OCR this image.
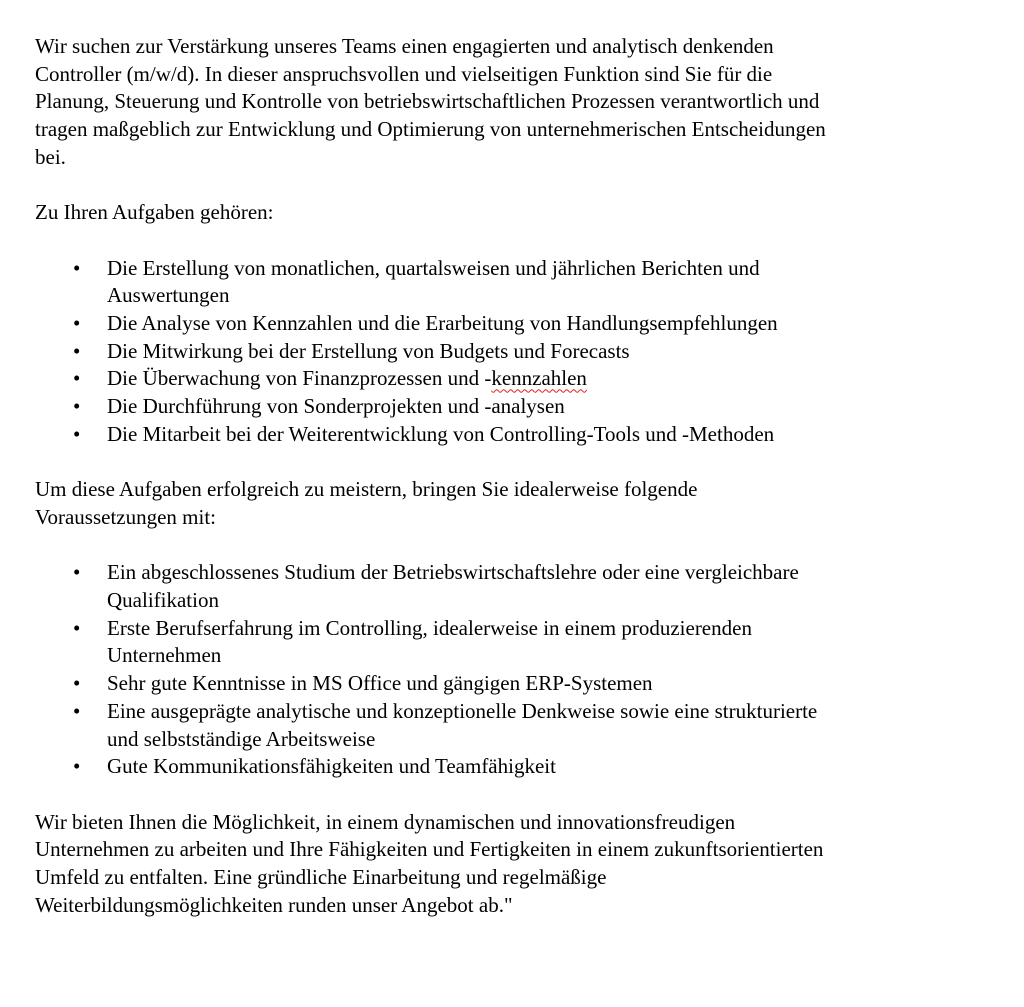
Wir suchen zur Verstärkung unseres Teams einen engagierten und analytisch denkenden
Controller (m/w/d). In dieser anspruchsvollen und vielseitigen Funktion sind Sie für die
Planung, Steuerung und Kontrolle von betriebswirtschaftlichen Prozessen verantwortlich und
tragen maßgeblich zur Entwicklung und Optimierung von unternehmerischen Entscheidungen
bei.

Zu Ihren Aufgaben gehören:

• Die Erstellung von monatlichen, quartalsweisen und jährlichen Berichten und
Auswertungen
• Die Analyse von Kennzahlen und die Erarbeitung von Handlungsempfehlungen
• Die Mitwirkung bei der Erstellung von Budgets und Forecasts
• Die Überwachung von Finanzprozessen und -kennzahlen
• Die Durchführung von Sonderprojekten und -analysen
• Die Mitarbeit bei der Weiterentwicklung von Controlling-Tools und -Methoden

Um diese Aufgaben erfolgreich zu meistern, bringen Sie idealerweise folgende
Voraussetzungen mit:

• Ein abgeschlossenes Studium der Betriebswirtschaftslehre oder eine vergleichbare
Qualifikation
• Erste Berufserfahrung im Controlling, idealerweise in einem produzierenden
Unternehmen
• Sehr gute Kenntnisse in MS Office und gängigen ERP-Systemen
• Eine ausgeprägte analytische und konzeptionelle Denkweise sowie eine strukturierte
und selbstständige Arbeitsweise
• Gute Kommunikationsfähigkeiten und Teamfähigkeit

Wir bieten Ihnen die Möglichkeit, in einem dynamischen und innovationsfreudigen
Unternehmen zu arbeiten und Ihre Fähigkeiten und Fertigkeiten in einem zukunftsorientierten
Umfeld zu entfalten. Eine gründliche Einarbeitung und regelmäßige
Weiterbildungsmöglichkeiten runden unser Angebot ab."
